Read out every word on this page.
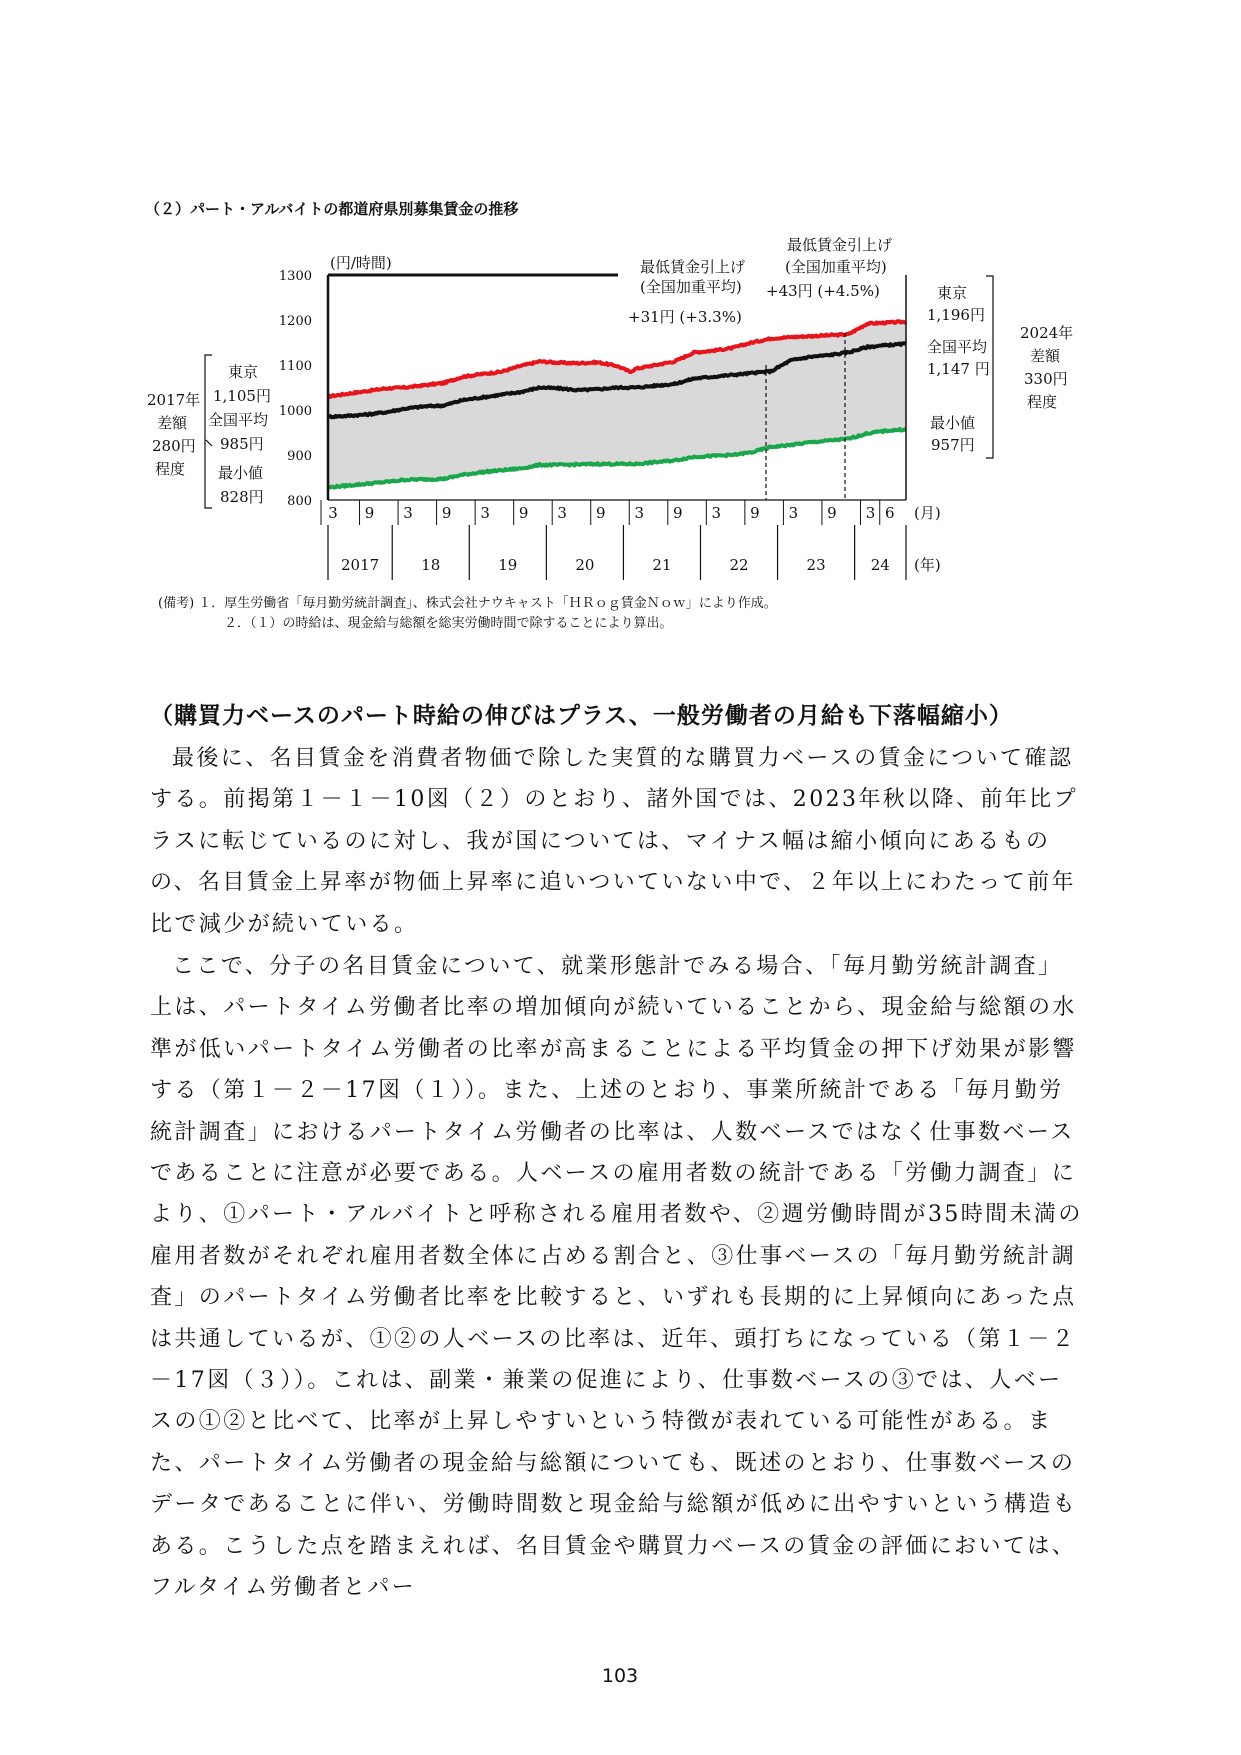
（２）パート・アルバイトの都道府県別募集賃金の推移
800
900
1000
1100
1200
1300
3 9 3 9 3 9 3 9 3 9 3 9 3 9 3 6
2017	18	19	20	21	22	23	24
(円/時間)	最低賃金引上げ
(全国加重平均)
+31円 (+3.3%)
最低賃金引上げ
(全国加重平均)
+43円 (+4.5%)
東京
1,105円
全国平均
985円
最小値
828円
2017年
差額
280円
程度
東京
1,196円
全国平均
1,147 円
最小値
957円
2024年
差額
330円
程度
(月)
(年)
(備考) １．厚生労働省「毎月勤労統計調査」、株式会社ナウキャスト「ＨＲｏｇ賃金Ｎｏｗ」により作成。
２．（１）の時給は、現金給与総額を総実労働時間で除することにより算出。
（購買力ベースのパート時給の伸びはプラス、一般労働者の月給も下落幅縮小）
最後に、名目賃金を消費者物価で除した実質的な購買力ベースの賃金について確認する。前掲第１－１－10図（２）のとおり、諸外国では、2023年秋以降、前年比プラスに転じているのに対し、我が国については、マイナス幅は縮小傾向にあるものの、名目賃金上昇率が物価上昇率に追いついていない中で、２年以上にわたって前年比で減少が続いている。
ここで、分子の名目賃金について、就業形態計でみる場合、「毎月勤労統計調査」上は、パートタイム労働者比率の増加傾向が続いていることから、現金給与総額の水準が低いパートタイム労働者の比率が高まることによる平均賃金の押下げ効果が影響する（第１－２－17図（１））。また、上述のとおり、事業所統計である「毎月勤労統計調査」におけるパートタイム労働者の比率は、人数ベースではなく仕事数ベースであることに注意が必要である。人ベースの雇用者数の統計である「労働力調査」により、①パート・アルバイトと呼称される雇用者数や、②週労働時間が35時間未満の雇用者数がそれぞれ雇用者数全体に占める割合と、③仕事ベースの「毎月勤労統計調査」のパートタイム労働者比率を比較すると、いずれも長期的に上昇傾向にあった点は共通しているが、①②の人ベースの比率は、近年、頭打ちになっている（第１－２－17図（３））。これは、副業・兼業の促進により、仕事数ベースの③では、人ベースの①②と比べて、比率が上昇しやすいという特徴が表れている可能性がある。また、パートタイム労働者の現金給与総額についても、既述のとおり、仕事数ベースのデータであることに伴い、労働時間数と現金給与総額が低めに出やすいという構造もある。こうした点を踏まえれば、名目賃金や購買力ベースの賃金の評価においては、フルタイム労働者とパー
103
